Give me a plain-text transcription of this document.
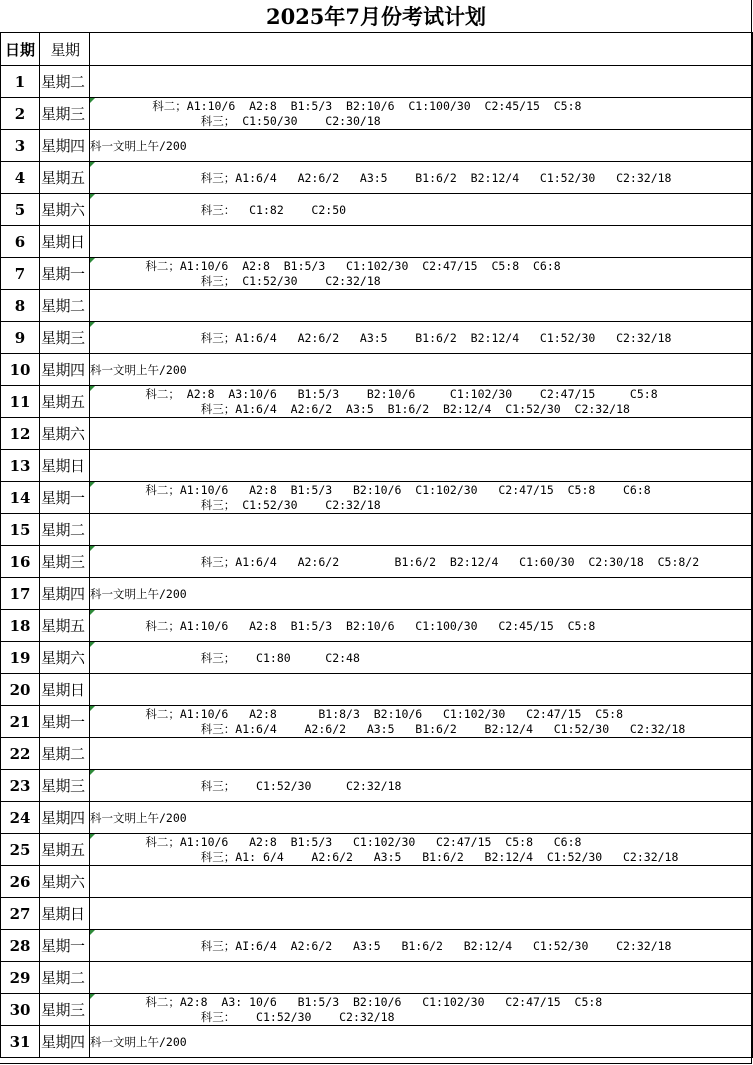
2025年7月份考试计划
日期	星期	
1	星期二	
2	星期三	科二；A1:10/6  A2:8  B1:5/3  B2:10/6  C1:100/30  C2:45/15  C5:8
科三； C1:50/30    C2:30/18

3	星期四	科一文明上午/200

4	星期五	科三；A1:6/4   A2:6/2   A3:5    B1:6/2  B2:12/4   C1:52/30   C2:32/18

5	星期六	科三：  C1:82    C2:50

6	星期日	
7	星期一	科二；A1:10/6  A2:8  B1:5/3   C1:102/30  C2:47/15  C5:8  C6:8
科三； C1:52/30    C2:32/18

8	星期二	
9	星期三	科三；A1:6/4   A2:6/2   A3:5    B1:6/2  B2:12/4   C1:52/30   C2:32/18

10	星期四	科一文明上午/200

11	星期五	科二； A2:8  A3:10/6   B1:5/3    B2:10/6     C1:102/30    C2:47/15     C5:8
科三；A1:6/4  A2:6/2  A3:5  B1:6/2  B2:12/4  C1:52/30  C2:32/18

12	星期六	
13	星期日	
14	星期一	科二；A1:10/6   A2:8  B1:5/3   B2:10/6  C1:102/30   C2:47/15  C5:8    C6:8
科三； C1:52/30    C2:32/18

15	星期二	
16	星期三	科三；A1:6/4   A2:6/2        B1:6/2  B2:12/4   C1:60/30  C2:30/18  C5:8/2

17	星期四	科一文明上午/200

18	星期五	科二；A1:10/6   A2:8  B1:5/3  B2:10/6   C1:100/30   C2:45/15  C5:8

19	星期六	科三；   C1:80     C2:48

20	星期日	
21	星期一	科二；A1:10/6   A2:8      B1:8/3  B2:10/6   C1:102/30   C2:47/15  C5:8
科三：A1:6/4    A2:6/2   A3:5   B1:6/2    B2:12/4   C1:52/30   C2:32/18

22	星期二	
23	星期三	科三；   C1:52/30     C2:32/18

24	星期四	科一文明上午/200

25	星期五	科二；A1:10/6   A2:8  B1:5/3   C1:102/30   C2:47/15  C5:8   C6:8
科三；A1: 6/4    A2:6/2   A3:5   B1:6/2   B2:12/4  C1:52/30   C2:32/18

26	星期六	
27	星期日	
28	星期一	科三；AI:6/4  A2:6/2   A3:5   B1:6/2   B2:12/4   C1:52/30    C2:32/18

29	星期二	
30	星期三	科二；A2:8  A3: 10/6   B1:5/3  B2:10/6   C1:102/30   C2:47/15  C5:8
科三：   C1:52/30    C2:32/18

31	星期四	科一文明上午/200
